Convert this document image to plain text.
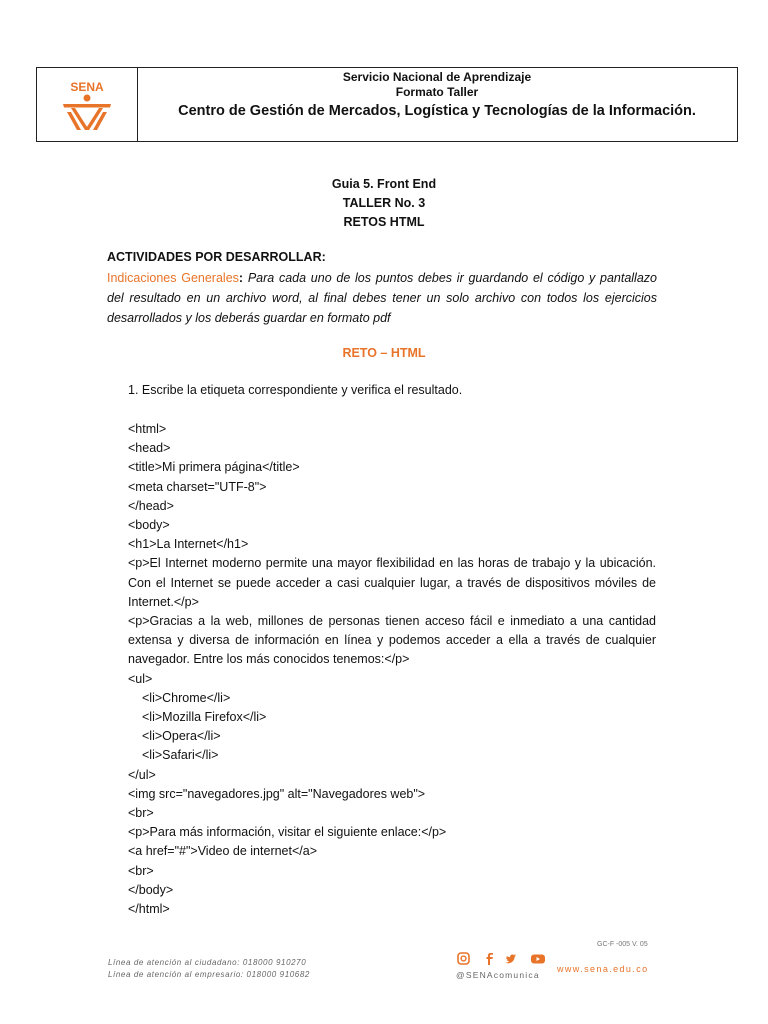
SENA
Servicio Nacional de Aprendizaje
Formato Taller
Centro de Gestión de Mercados, Logística y Tecnologías de la Información.
Guia 5. Front End
TALLER No. 3
RETOS HTML
ACTIVIDADES POR DESARROLLAR:
Indicaciones Generales: Para cada uno de los puntos debes ir guardando el código y pantallazo del resultado en un archivo word, al final debes tener un solo archivo con todos los ejercicios desarrollados y los deberás guardar en formato pdf
RETO – HTML
1. Escribe la etiqueta correspondiente y verifica el resultado.
<html>
<head>
<title>Mi primera página</title>
<meta charset="UTF-8">
</head>
<body>
<h1>La Internet</h1>
<p>El Internet moderno permite una mayor flexibilidad en las horas de trabajo y la ubicación. Con el Internet se puede acceder a casi cualquier lugar, a través de dispositivos móviles de Internet.</p>
<p>Gracias a la web, millones de personas tienen acceso fácil e inmediato a una cantidad extensa y diversa de información en línea y podemos acceder a ella a través de cualquier navegador. Entre los más conocidos tenemos:</p>
<ul>
<li>Chrome</li>
<li>Mozilla Firefox</li>
<li>Opera</li>
<li>Safari</li>
</ul>
<img src="navegadores.jpg" alt="Navegadores web">
<br>
<p>Para más información, visitar el siguiente enlace:</p>
<a href="#">Video de internet</a>
<br>
</body>
</html>
Línea de atención al ciudadano: 018000 910270
Línea de atención al empresario: 018000 910682
GC-F -005 V. 05
@SENAcomunica
www.sena.edu.co
